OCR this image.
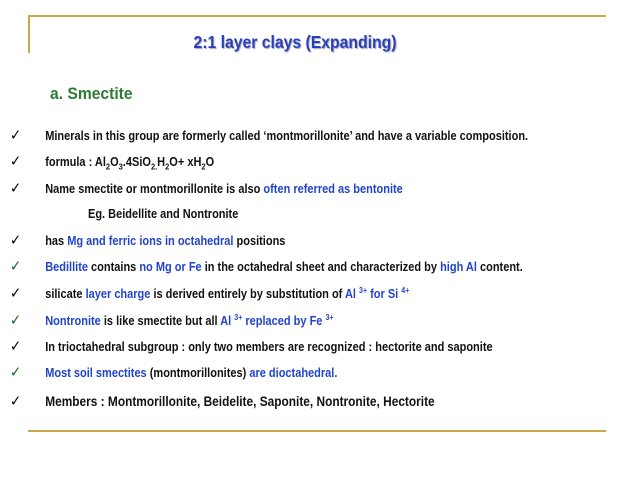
2:1 layer clays (Expanding)
a. Smectite
✓ Minerals in this group are formerly called ‘montmorillonite’ and have a variable composition.
✓ formula : $Al_2O_3.4SiO_{2.}H_2O+ xH_2O$
✓ Name smectite or montmorillonite is also often referred as bentonite
Eg. Beidellite and Nontronite
✓ has Mg and ferric ions in octahedral positions
✓ Bedillite contains no Mg or Fe in the octahedral sheet and characterized by high Al content.
✓ silicate layer charge is derived entirely by substitution of Al $^{3+}$ for Si $^{4+}$
✓ Nontronite is like smectite but all Al $^{3+}$ replaced by Fe $^{3+}$
✓ In trioctahedral subgroup : only two members are recognized : hectorite and saponite
✓ Most soil smectites (montmorillonites) are dioctahedral.
✓ Members : Montmorillonite, Beidelite, Saponite, Nontronite, Hectorite
